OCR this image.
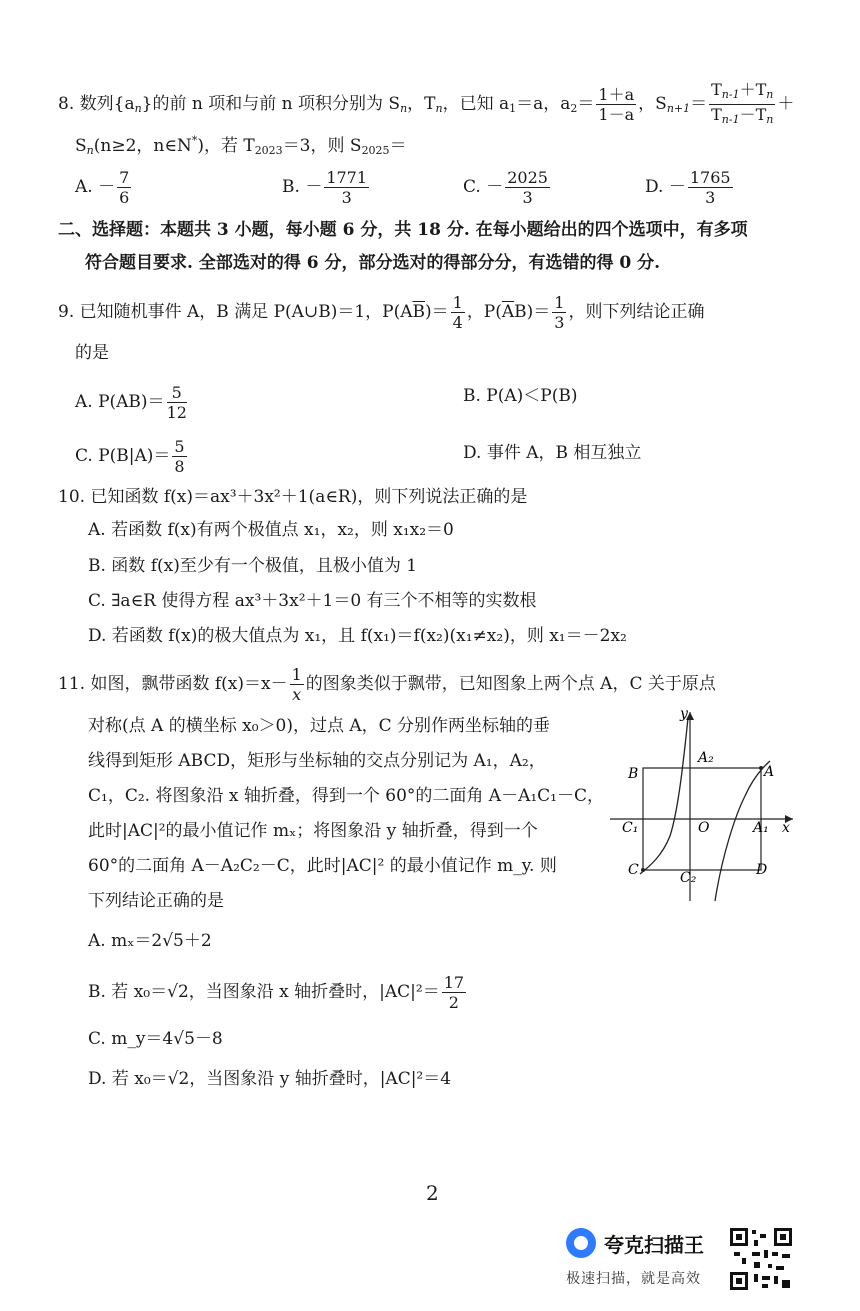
8. 数列$\{a_n\}$的前 n 项和与前 n 项积分别为 $S_n$，$T_n$，已知 $a_1=a$，$a_2= \frac{1+a}{1-a}$ ，$S_{n+1}= \frac{T_{n-1}+T_n}{T_{n-1}-T_n}$ ＋
$S_n(n\ge 2$，n∈N*)，若 $T_{2023}=3$，则 $S_{2025}=$
A. － $\frac{7}{6}$	B. － $\frac{1771}{3}$	C. － $\frac{2025}{3}$	D. － $\frac{1765}{3}$
二、选择题：本题共 3 小题，每小题 6 分，共 18 分. 在每小题给出的四个选项中，有多项
符合题目要求. 全部选对的得 6 分，部分选对的得部分分，有选错的得 0 分.
9. 已知随机事件 A，B 满足 P(A∪B)＝1，$P(A\overline{B})= \frac{1}{4}$ ，$P(\overline{A}B)= \frac{1}{3}$ ，则下列结论正确
的是
A. $P(AB)= \frac{5}{12}$	B. P(A)＜P(B)
C. $P(B|A)= \frac{5}{8}$	D. 事件 A，B 相互独立
10. 已知函数 f(x)＝ax³＋3x²＋1(a∈R)，则下列说法正确的是
A. 若函数 f(x)有两个极值点 x₁，x₂，则 x₁x₂＝0
B. 函数 f(x)至少有一个极值，且极小值为 1
C. ∃a∈R 使得方程 ax³＋3x²＋1＝0 有三个不相等的实数根
D. 若函数 f(x)的极大值点为 x₁，且 f(x₁)＝f(x₂)(x₁≠x₂)，则 x₁＝－2x₂
11. 如图，飘带函数 $f(x)=x- \frac{1}{x}$ 的图象类似于飘带，已知图象上两个点 A，C 关于原点
对称(点 A 的横坐标 x₀＞0)，过点 A，C 分别作两坐标轴的垂
线得到矩形 ABCD，矩形与坐标轴的交点分别记为 A₁，A₂，
C₁，C₂. 将图象沿 x 轴折叠，得到一个 60°的二面角 A－A₁C₁－C，
此时|AC|²的最小值记作 mₓ；将图象沿 y 轴折叠，得到一个
60°的二面角 A－A₂C₂－C，此时|AC|² 的最小值记作 m_y. 则
下列结论正确的是
y
x
A
B
C	D
O	A₁
A₂
C₁
C₂
A. mₓ＝2√5＋2
B. 若 x₀＝√2，当图象沿 x 轴折叠时，$|AC|^2= \frac{17}{2}$
C. m_y＝4√5－8
D. 若 x₀＝√2，当图象沿 y 轴折叠时，|AC|²＝4
2
夸克扫描王
极速扫描，就是高效
